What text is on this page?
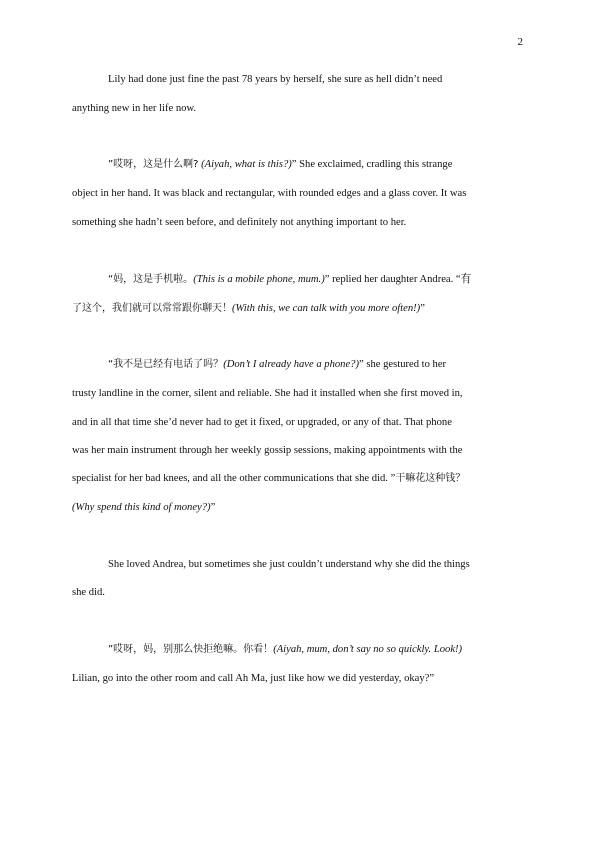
2
Lily had done just fine the past 78 years by herself, she sure as hell didn’t need
anything new in her life now.
”哎呀，这是什么啊? (Aiyah, what is this?)” She exclaimed, cradling this strange
object in her hand. It was black and rectangular, with rounded edges and a glass cover. It was
something she hadn’t seen before, and definitely not anything important to her.
“妈，这是手机啦。(This is a mobile phone, mum.)” replied her daughter Andrea. “有
了这个，我们就可以常常跟你聊天！(With this, we can talk with you more often!)”
“我不是已经有电话了吗？(Don’t I already have a phone?)” she gestured to her
trusty landline in the corner, silent and reliable. She had it installed when she first moved in,
and in all that time she’d never had to get it fixed, or upgraded, or any of that. That phone
was her main instrument through her weekly gossip sessions, making appointments with the
specialist for her bad knees, and all the other communications that she did. ”干嘛花这种钱？
(Why spend this kind of money?)”
She loved Andrea, but sometimes she just couldn’t understand why she did the things
she did.
”哎呀，妈，别那么快拒绝嘛。你看！(Aiyah, mum, don’t say no so quickly. Look!)
Lilian, go into the other room and call Ah Ma, just like how we did yesterday, okay?”
